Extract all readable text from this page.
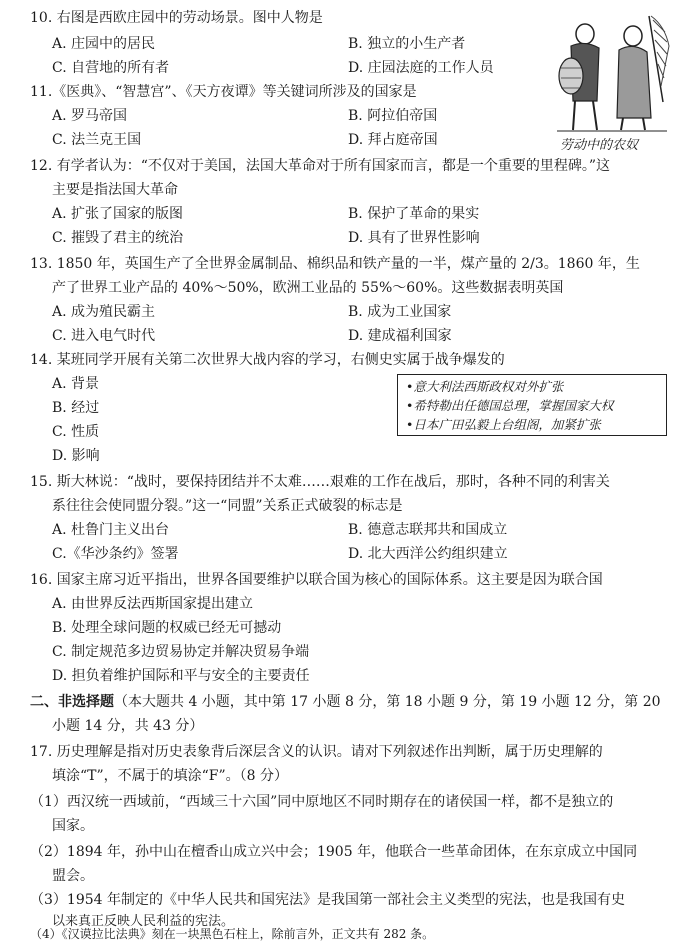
10. 右图是西欧庄园中的劳动场景。图中人物是
A. 庄园中的居民	B. 独立的小生产者
C. 自营地的所有者	D. 庄园法庭的工作人员
劳动中的农奴
11.《医典》、“智慧宫”、《天方夜谭》等关键词所涉及的国家是
A. 罗马帝国	B. 阿拉伯帝国
C. 法兰克王国	D. 拜占庭帝国
12. 有学者认为：“不仅对于美国，法国大革命对于所有国家而言，都是一个重要的里程碑。”这
主要是指法国大革命
A. 扩张了国家的版图	B. 保护了革命的果实
C. 摧毁了君主的统治	D. 具有了世界性影响
13. 1850 年，英国生产了全世界金属制品、棉织品和铁产量的一半，煤产量的 2/3。1860 年，生
产了世界工业产品的 40%～50%，欧洲工业品的 55%～60%。这些数据表明英国
A. 成为殖民霸主	B. 成为工业国家
C. 进入电气时代	D. 建成福利国家
14. 某班同学开展有关第二次世界大战内容的学习，右侧史实属于战争爆发的
A. 背景
B. 经过
C. 性质
D. 影响
•意大利法西斯政权对外扩张
•希特勒出任德国总理，掌握国家大权
•日本广田弘毅上台组阁，加紧扩张
15. 斯大林说：“战时，要保持团结并不太难……艰难的工作在战后，那时，各种不同的利害关
系往往会使同盟分裂。”这一“同盟”关系正式破裂的标志是
A. 杜鲁门主义出台	B. 德意志联邦共和国成立
C.《华沙条约》签署	D. 北大西洋公约组织建立
16. 国家主席习近平指出，世界各国要维护以联合国为核心的国际体系。这主要是因为联合国
A. 由世界反法西斯国家提出建立
B. 处理全球问题的权威已经无可撼动
C. 制定规范多边贸易协定并解决贸易争端
D. 担负着维护国际和平与安全的主要责任
二、非选择题（本大题共 4 小题，其中第 17 小题 8 分，第 18 小题 9 分，第 19 小题 12 分，第 20
小题 14 分，共 43 分）
17. 历史理解是指对历史表象背后深层含义的认识。请对下列叙述作出判断，属于历史理解的
填涂“T”，不属于的填涂“F”。（8 分）
（1）西汉统一西域前，“西域三十六国”同中原地区不同时期存在的诸侯国一样，都不是独立的
国家。
（2）1894 年，孙中山在檀香山成立兴中会；1905 年，他联合一些革命团体，在东京成立中国同
盟会。
（3）1954 年制定的《中华人民共和国宪法》是我国第一部社会主义类型的宪法，也是我国有史
以来真正反映人民利益的宪法。
（4）《汉谟拉比法典》刻在一块黑色石柱上，除前言外，正文共有 282 条。
